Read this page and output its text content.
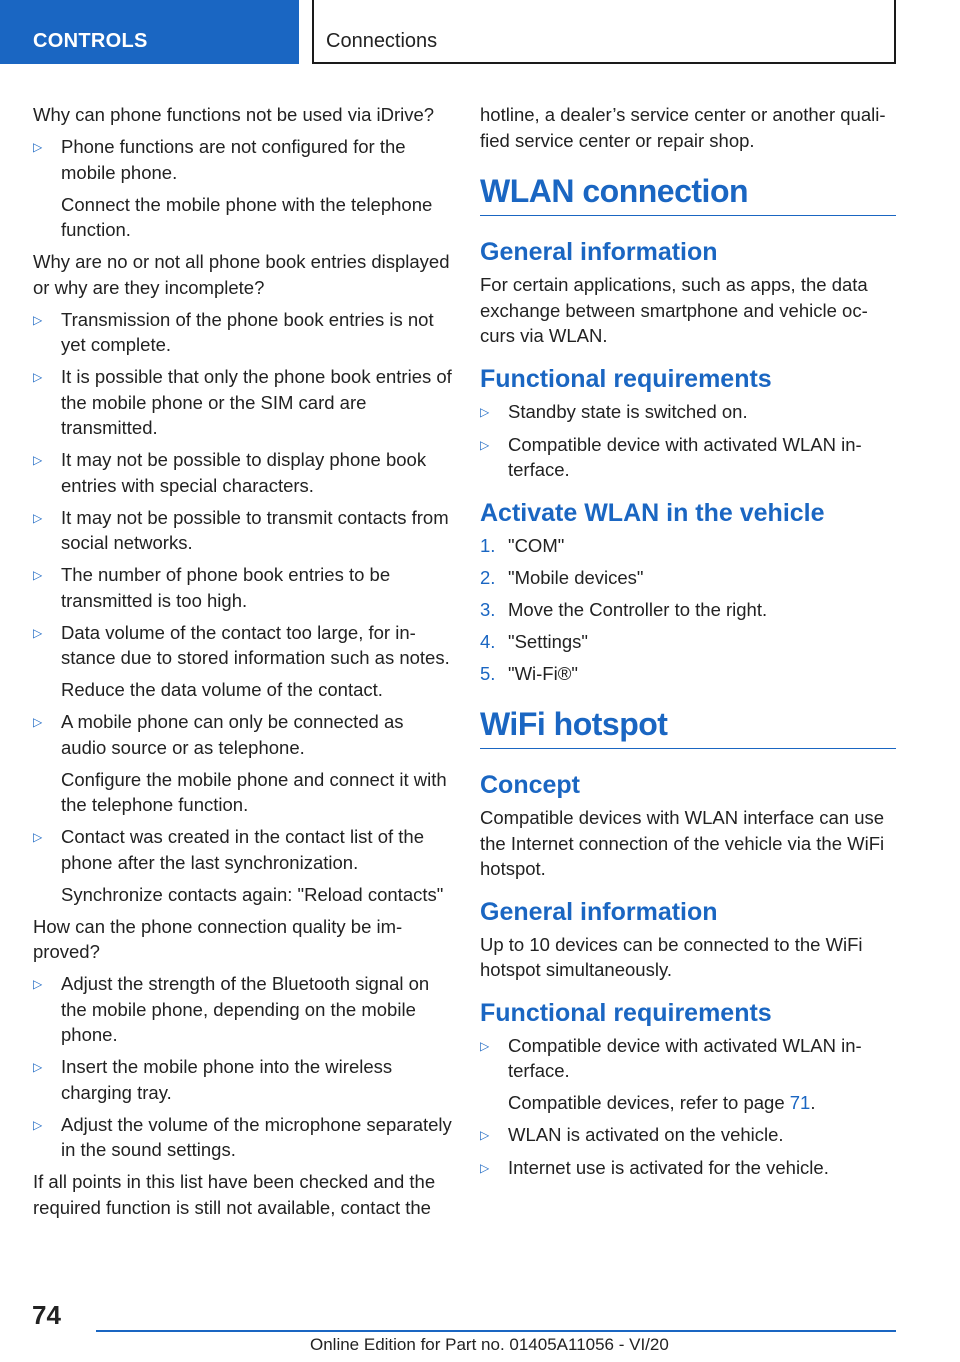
CONTROLS	Connections

Why can phone functions not be used via iDrive?

▷	Phone functions are not configured for the mobile phone.

Connect the mobile phone with the telephone function.

Why are no or not all phone book entries displayed or why are they incomplete?

▷	Transmission of the phone book entries is not yet complete.
▷	It is possible that only the phone book entries of the mobile phone or the SIM card are transmitted.
▷	It may not be possible to display phone book entries with special characters.
▷	It may not be possible to transmit contacts from social networks.
▷	The number of phone book entries to be transmitted is too high.
▷	Data volume of the contact too large, for instance due to stored information such as notes.

Reduce the data volume of the contact.

▷	A mobile phone can only be connected as audio source or as telephone.

Configure the mobile phone and connect it with the telephone function.

▷	Contact was created in the contact list of the phone after the last synchronization.

Synchronize contacts again: "Reload contacts"

How can the phone connection quality be improved?

▷	Adjust the strength of the Bluetooth signal on the mobile phone, depending on the mobile phone.
▷	Insert the mobile phone into the wireless charging tray.
▷	Adjust the volume of the microphone separately in the sound settings.

If all points in this list have been checked and the required function is still not available, contact the

hotline, a dealer’s service center or another qualified service center or repair shop.

WLAN connection
General information

For certain applications, such as apps, the data exchange between smartphone and vehicle occurs via WLAN.

Functional requirements
▷	Standby state is switched on.
▷	Compatible device with activated WLAN interface.
Activate WLAN in the vehicle
1. "COM"
2. "Mobile devices"
3. Move the Controller to the right.
4. "Settings"
5. "Wi-Fi®"
WiFi hotspot
Concept

Compatible devices with WLAN interface can use the Internet connection of the vehicle via the WiFi hotspot.

General information

Up to 10 devices can be connected to the WiFi hotspot simultaneously.

Functional requirements
▷	Compatible device with activated WLAN interface.

Compatible devices, refer to page 71.

▷	WLAN is activated on the vehicle.
▷	Internet use is activated for the vehicle.
74
Online Edition for Part no. 01405A11056 - VI/20
